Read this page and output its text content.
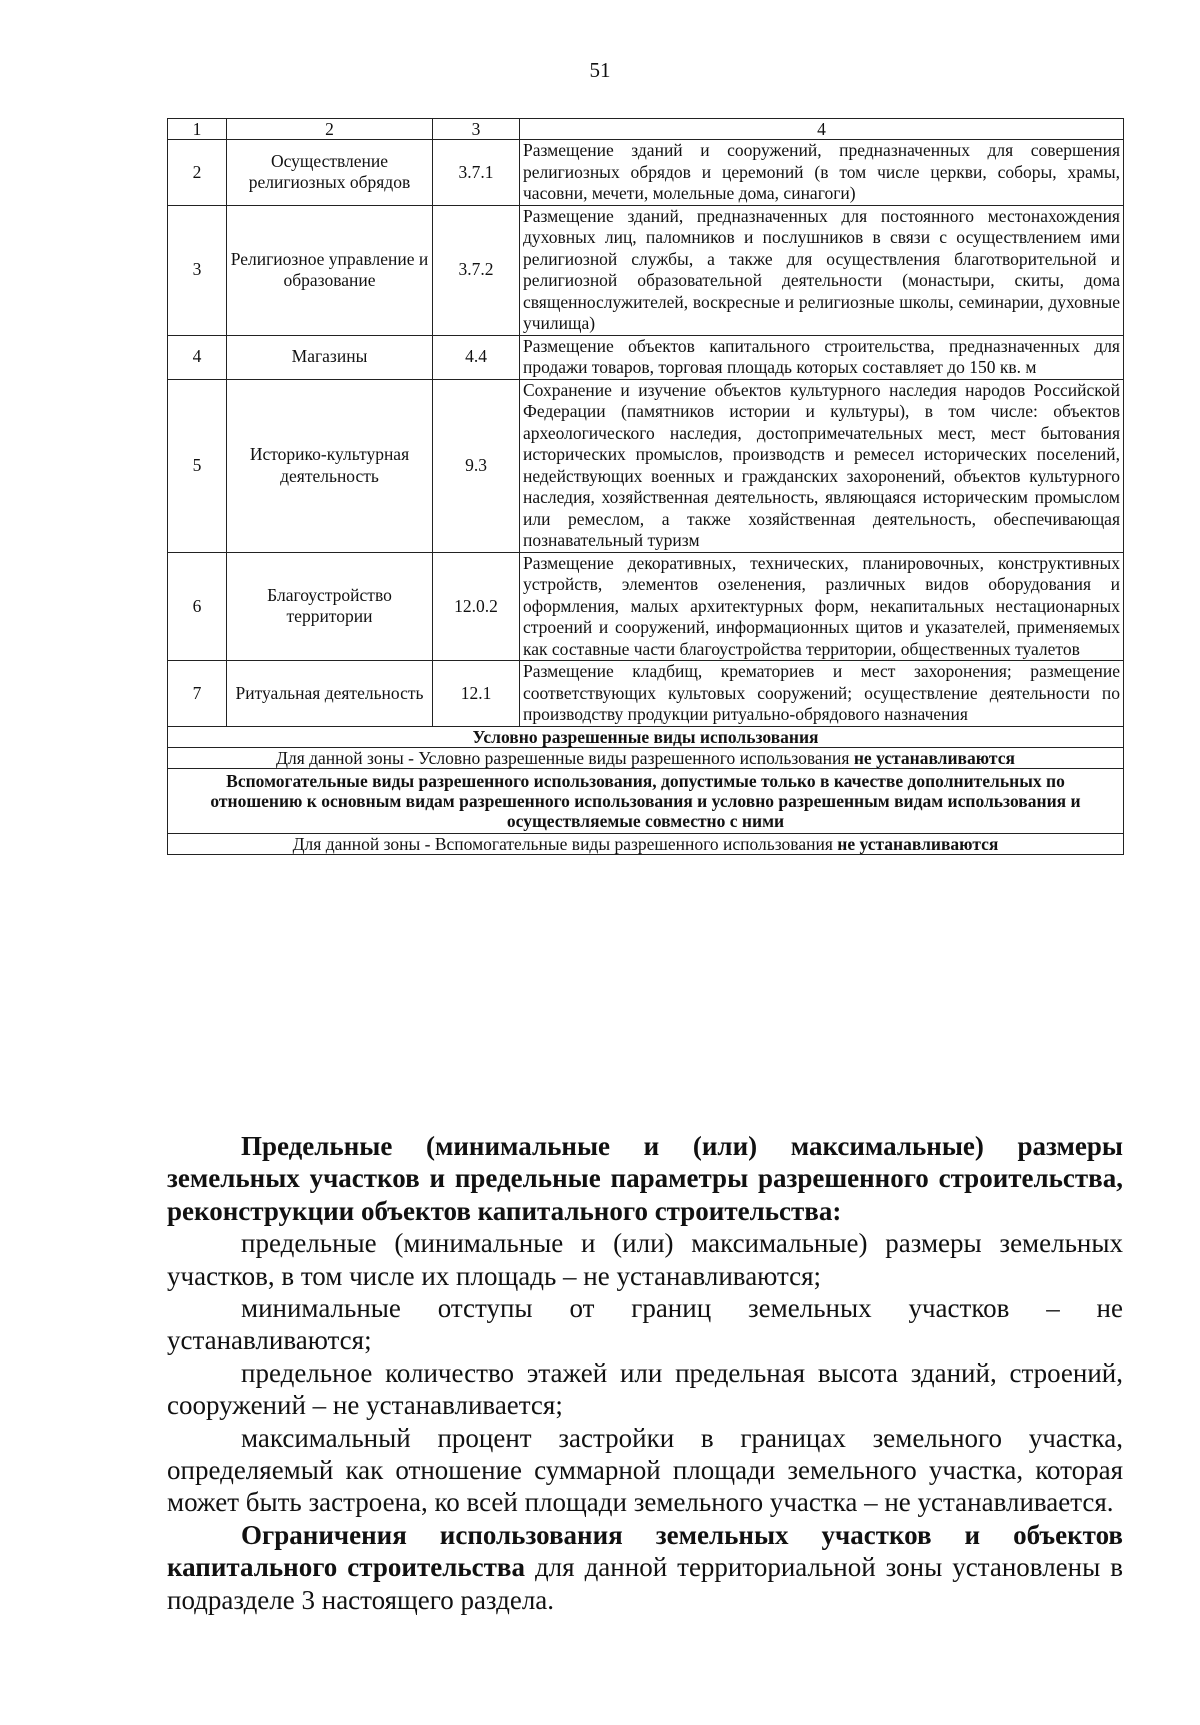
51
1	2	3	4
2	Осуществление религиозных обрядов	3.7.1	Размещение зданий и сооружений, предназначенных для совершения религиозных обрядов и церемоний (в том числе церкви, соборы, храмы, часовни, мечети, молельные дома, синагоги)
3	Религиозное управление и образование	3.7.2	Размещение зданий, предназначенных для постоянного местонахождения духовных лиц, паломников и послушников в связи с осуществлением ими религиозной службы, а также для осуществления благотворительной и религиозной образовательной деятельности (монастыри, скиты, дома священнослужителей, воскресные и религиозные школы, семинарии, духовные училища)
4	Магазины	4.4	Размещение объектов капитального строительства, предназначенных для продажи товаров, торговая площадь которых составляет до 150 кв. м
5	Историко-культурная деятельность	9.3	Сохранение и изучение объектов культурного наследия народов Российской Федерации (памятников истории и культуры), в том числе: объектов археологического наследия, достопримечательных мест, мест бытования исторических промыслов, производств и ремесел исторических поселений, недействующих военных и гражданских захоронений, объектов культурного наследия, хозяйственная деятельность, являющаяся историческим промыслом или ремеслом, а также хозяйственная деятельность, обеспечивающая познавательный туризм
6	Благоустройство территории	12.0.2	Размещение декоративных, технических, планировочных, конструктивных устройств, элементов озеленения, различных видов оборудования и оформления, малых архитектурных форм, некапитальных нестационарных строений и сооружений, информационных щитов и указателей, применяемых как составные части благоустройства территории, общественных туалетов
7	Ритуальная деятельность	12.1	Размещение кладбищ, крематориев и мест захоронения; размещение соответствующих культовых сооружений; осуществление деятельности по производству продукции ритуально-обрядового назначения
Условно разрешенные виды использования			
Для данной зоны - Условно разрешенные виды разрешенного использования не устанавливаются			
Вспомогательные виды разрешенного использования, допустимые только в качестве дополнительных по отношению к основным видам разрешенного использования и условно разрешенным видам использования и осуществляемые совместно с ними			
Для данной зоны - Вспомогательные виды разрешенного использования не устанавливаются			

Предельные (минимальные и (или) максимальные) размеры земельных участков и предельные параметры разрешенного строительства, реконструкции объектов капитального строительства:

предельные (минимальные и (или) максимальные) размеры земельных участков, в том числе их площадь – не устанавливаются;

минимальные отступы от границ земельных участков – не устанавливаются;

предельное количество этажей или предельная высота зданий, строений, сооружений – не устанавливается;

максимальный процент застройки в границах земельного участка, определяемый как отношение суммарной площади земельного участка, которая может быть застроена, ко всей площади земельного участка – не устанавливается.

Ограничения использования земельных участков и объектов капитального строительства для данной территориальной зоны установлены в подразделе 3 настоящего раздела.
